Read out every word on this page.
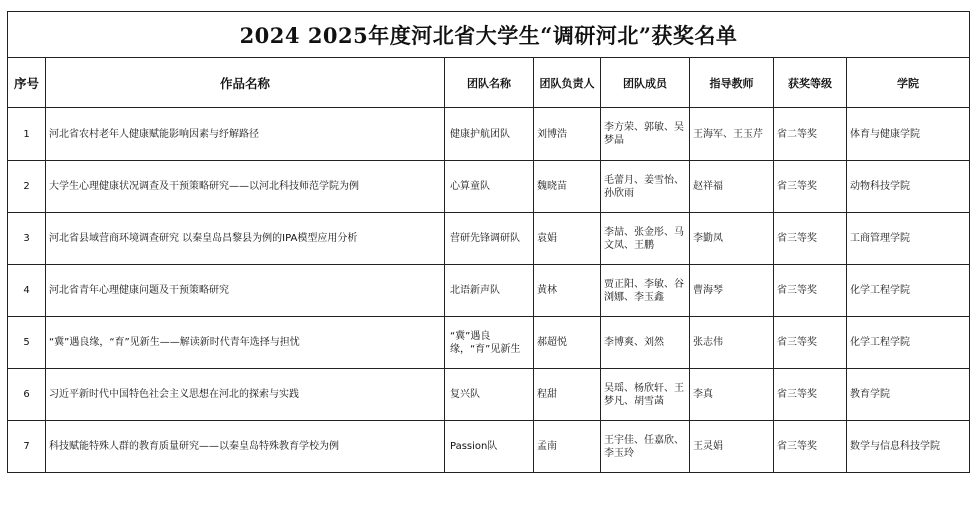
2024 2025年度河北省大学生“调研河北”获奖名单							
序号	作品名称	团队名称	团队负责人	团队成员	指导教师	获奖等级	学院
1	河北省农村老年人健康赋能影响因素与纾解路径	健康护航团队	刘博浩	李方荣、郭敏、吴梦晶	王海军、王玉芹	省二等奖	体育与健康学院
2	大学生心理健康状况调查及干预策略研究——以河北科技师范学院为例	心算童队	魏晓苗	毛蕾月、姜雪怡、孙欣雨	赵祥福	省三等奖	动物科技学院
3	河北省县域营商环境调查研究 以秦皇岛昌黎县为例的IPA模型应用分析	营研先锋调研队	袁娟	李喆、张金彤、马文凤、王鹏	李勤凤	省三等奖	工商管理学院
4	河北省青年心理健康问题及干预策略研究	北语新声队	黄林	贾正阳、李敏、谷浏娜、李玉鑫	曹海琴	省三等奖	化学工程学院
5	“冀”遇良缘，“育”见新生——解读新时代青年选择与担忧	“冀”遇良缘，“育”见新生	郝超悦	李博爽、刘然	张志伟	省三等奖	化学工程学院
6	习近平新时代中国特色社会主义思想在河北的探索与实践	复兴队	程甜	吴瑶、杨欣轩、王梦凡、胡雪菡	李真	省三等奖	教育学院
7	科技赋能特殊人群的教育质量研究——以秦皇岛特殊教育学校为例	Passion队	孟南	王宇佳、任嘉欣、李玉玲	王灵娟	省三等奖	数学与信息科技学院
